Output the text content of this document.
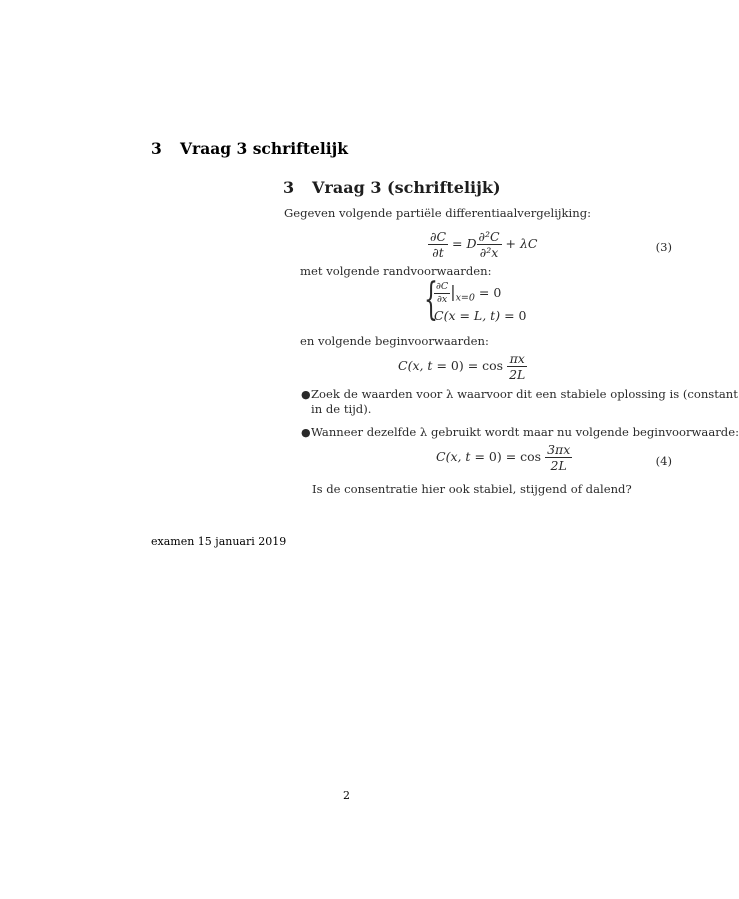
3 Vraag 3 schriftelijk
3 Vraag 3 (schriftelijk)
Gegeven volgende partiële differentiaalvergelijking:
$\frac{\partial C}{\partial t} = D \frac{\text{∂²C}}{\text{∂²x}} + \lambda C$	(3)
met volgende randvoorwaarden:
{
$\frac{\partial C}{\partial x} |_{x=0} = 0$
C(x = L, t) = 0
en volgende beginvoorwaarden:
C(x, $t = 0) = \cos \frac{\pi x}{2L}$
● Zoek de waarden voor λ waarvoor dit een stabiele oplossing is (constant
in de tijd).
● Wanneer dezelfde λ gebruikt wordt maar nu volgende beginvoorwaarde:
C(x, $t = 0) = \cos \frac{3\pi x}{2L}$	(4)
Is de consentratie hier ook stabiel, stijgend of dalend?
examen 15 januari 2019
2
